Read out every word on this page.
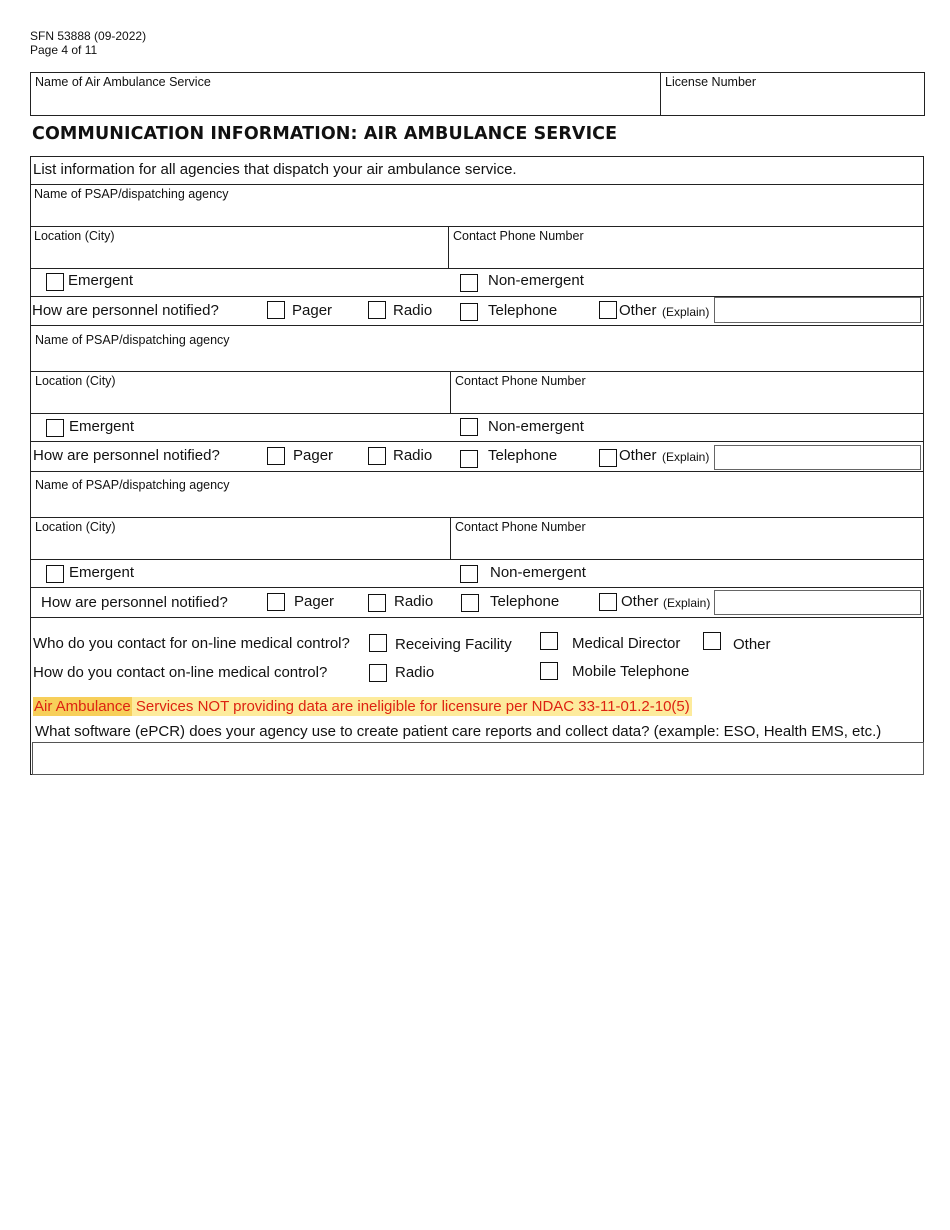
SFN 53888 (09-2022)
Page 4 of 11
Name of Air Ambulance Service	License Number
COMMUNICATION INFORMATION: AIR AMBULANCE SERVICE
List information for all agencies that dispatch your air ambulance service.
Name of PSAP/dispatching agency
Location (City)	Contact Phone Number
Emergent	Non-emergent
How are personnel notified?	Pager	Radio	Telephone	Other (Explain)
Name of PSAP/dispatching agency
Location (City)	Contact Phone Number
Emergent	Non-emergent
How are personnel notified?	Pager	Radio	Telephone	Other (Explain)
Name of PSAP/dispatching agency
Location (City)	Contact Phone Number
Emergent	Non-emergent
How are personnel notified?	Pager	Radio	Telephone	Other (Explain)
Who do you contact for on-line medical control?	Receiving Facility	Medical Director	Other
How do you contact on-line medical control?	Radio	Mobile Telephone
Air Ambulance Services NOT providing data are ineligible for licensure per NDAC 33-11-01.2-10(5)
What software (ePCR) does your agency use to create patient care reports and collect data? (example: ESO, Health EMS, etc.)
